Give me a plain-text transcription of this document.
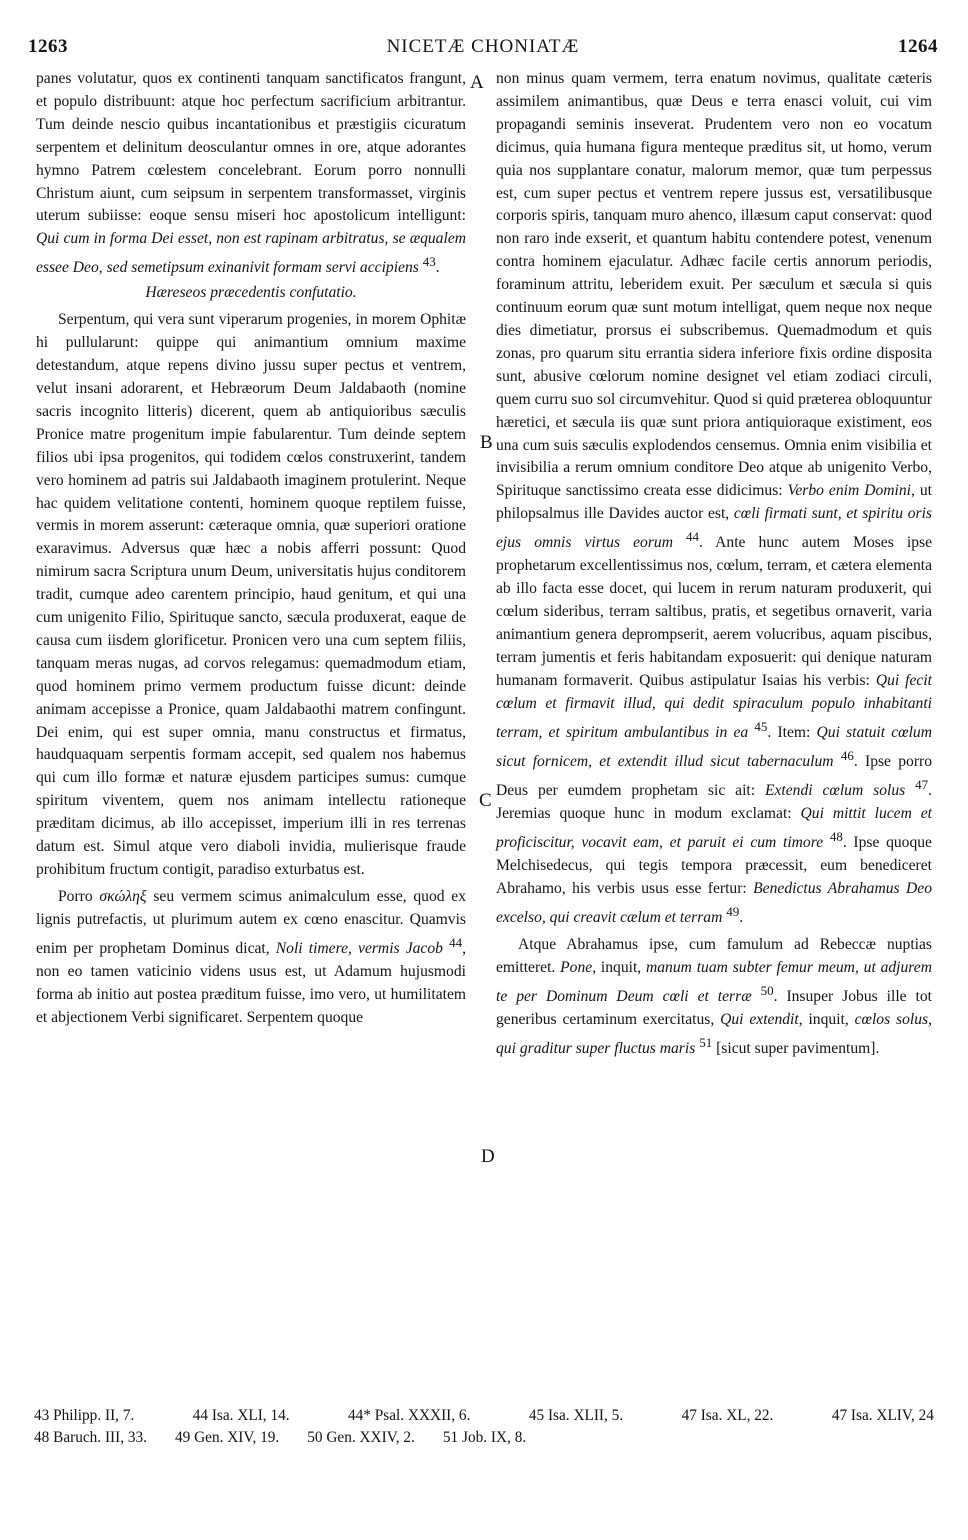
1263	NICETÆ CHONIATÆ	1264
A
B
C
D

panes volutatur, quos ex continenti tanquam sanctificatos frangunt, et populo distribuunt: atque hoc perfectum sacrificium arbitrantur. Tum deinde nescio quibus incantationibus et præstigiis cicuratum serpentem et delinitum deosculantur omnes in ore, atque adorantes hymno Patrem cœlestem concelebrant. Eorum porro nonnulli Christum aiunt, cum seipsum in serpentem transformasset, virginis uterum subiisse: eoque sensu miseri hoc apostolicum intelligunt: Qui cum in forma Dei esset, non est rapinam arbitratus, se æqualem essee Deo, sed semetipsum exinanivit formam servi accipiens $^{43}$.

Hæreseos præcedentis confutatio.

Serpentum, qui vera sunt viperarum progenies, in morem Ophitæ hi pullularunt: quippe qui animantium omnium maxime detestandum, atque repens divino jussu super pectus et ventrem, velut insani adorarent, et Hebræorum Deum Jaldabaoth (nomine sacris incognito litteris) dicerent, quem ab antiquioribus sæculis Pronice matre progenitum impie fabularentur. Tum deinde septem filios ubi ipsa progenitos, qui todidem cœlos construxerint, tandem vero hominem ad patris sui Jaldabaoth imaginem protulerint. Neque hac quidem velitatione contenti, hominem quoque reptilem fuisse, vermis in morem asserunt: cæteraque omnia, quæ superiori oratione exaravimus. Adversus quæ hæc a nobis afferri possunt: Quod nimirum sacra Scriptura unum Deum, universitatis hujus conditorem tradit, cumque adeo carentem principio, haud genitum, et qui una cum unigenito Filio, Spirituque sancto, sæcula produxerat, eaque de causa cum iisdem glorificetur. Pronicen vero una cum septem filiis, tanquam meras nugas, ad corvos relegamus: quemadmodum etiam, quod hominem primo vermem productum fuisse dicunt: deinde animam accepisse a Pronice, quam Jaldabaothi matrem confingunt. Dei enim, qui est super omnia, manu constructus et firmatus, haudquaquam serpentis formam accepit, sed qualem nos habemus qui cum illo formæ et naturæ ejusdem participes sumus: cumque spiritum viventem, quem nos animam intellectu rationeque præditam dicimus, ab illo accepisset, imperium illi in res terrenas datum est. Simul atque vero diaboli invidia, mulierisque fraude prohibitum fructum contigit, paradiso exturbatus est.

Porro σκώληξ seu vermem scimus animalculum esse, quod ex lignis putrefactis, ut plurimum autem ex cœno enascitur. Quamvis enim per prophetam Dominus dicat, Noli timere, vermis Jacob $^{44}$, non eo tamen vaticinio videns usus est, ut Adamum hujusmodi forma ab initio aut postea præditum fuisse, imo vero, ut humilitatem et abjectionem Verbi significaret. Serpentem quoque

non minus quam vermem, terra enatum novimus, qualitate cæteris assimilem animantibus, quæ Deus e terra enasci voluit, cui vim propagandi seminis inseverat. Prudentem vero non eo vocatum dicimus, quia humana figura menteque præditus sit, ut homo, verum quia nos supplantare conatur, malorum memor, quæ tum perpessus est, cum super pectus et ventrem repere jussus est, versatilibusque corporis spiris, tanquam muro ahenco, illæsum caput conservat: quod non raro inde exserit, et quantum habitu contendere potest, venenum contra hominem ejaculatur. Adhæc facile certis annorum periodis, foraminum attritu, leberidem exuit. Per sæculum et sæcula si quis continuum eorum quæ sunt motum intelligat, quem neque nox neque dies dimetiatur, prorsus ei subscribemus. Quemadmodum et quis zonas, pro quarum situ errantia sidera inferiore fixis ordine disposita sunt, abusive cœlorum nomine designet vel etiam zodiaci circuli, quem curru suo sol circumvehitur. Quod si quid præterea obloquuntur hæretici, et sæcula iis quæ sunt priora antiquioraque existiment, eos una cum suis sæculis explodendos censemus. Omnia enim visibilia et invisibilia a rerum omnium conditore Deo atque ab unigenito Verbo, Spirituque sanctissimo creata esse didicimus: Verbo enim Domini, ut philopsalmus ille Davides auctor est, cœli firmati sunt, et spiritu oris ejus omnis virtus eorum $^{44}$. Ante hunc autem Moses ipse prophetarum excellentissimus nos, cœlum, terram, et cætera elementa ab illo facta esse docet, qui lucem in rerum naturam produxerit, qui cœlum sideribus, terram saltibus, pratis, et segetibus ornaverit, varia animantium genera deprompserit, aerem volucribus, aquam piscibus, terram jumentis et feris habitandam exposuerit: qui denique naturam humanam formaverit. Quibus astipulatur Isaias his verbis: Qui fecit cœlum et firmavit illud, qui dedit spiraculum populo inhabitanti terram, et spiritum ambulantibus in ea $^{45}$. Item: Qui statuit cœlum sicut fornicem, et extendit illud sicut tabernaculum $^{46}$. Ipse porro Deus per eumdem prophetam sic ait: Extendi cœlum solus $^{47}$. Jeremias quoque hunc in modum exclamat: Qui mittit lucem et proficiscitur, vocavit eam, et paruit ei cum timore $^{48}$. Ipse quoque Melchisedecus, qui tegis tempora præcessit, eum benediceret Abrahamo, his verbis usus esse fertur: Benedictus Abrahamus Deo excelso, qui creavit cælum et terram $^{49}$.

Atque Abrahamus ipse, cum famulum ad Rebeccæ nuptias emitteret. Pone, inquit, manum tuam subter femur meum, ut adjurem te per Dominum Deum cœli et terræ $^{50}$. Insuper Jobus ille tot generibus certaminum exercitatus, Qui extendit, inquit, cœlos solus, qui graditur super fluctus maris $^{51}$ [sicut super pavimentum].

43 Philipp. II, 7.	44 Isa. XLI, 14.	44* Psal. XXXII, 6.	45 Isa. XLII, 5.	47 Isa. XL, 22.	47 Isa. XLIV, 24
48 Baruch. III, 33. 49 Gen. XIV, 19. 50 Gen. XXIV, 2. 51 Job. IX, 8.
